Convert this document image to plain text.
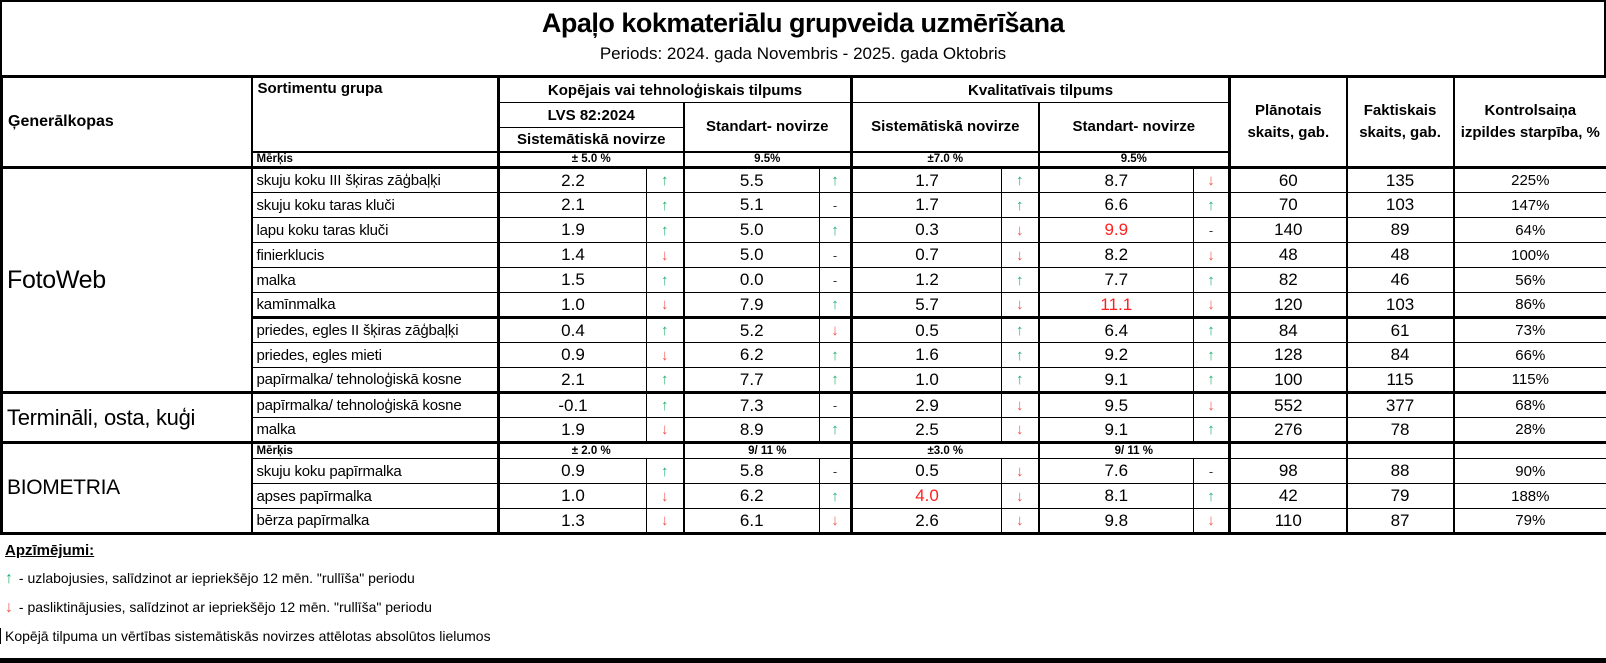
Apaļo kokmateriālu grupveida uzmērīšana
Periods: 2024. gada Novembris - 2025. gada Oktobris
Ģenerālkopas	Sortimentu grupa	Kopējais vai tehnoloģiskais tilpums				Kvalitatīvais tilpums				Plānotais skaits, gab.	Faktiskais skaits, gab.	Kontrolsaiņa izpildes starpība, %
		LVS 82:2024		Standart- novirze		Sistemātiskā novirze		Standart- novirze				
		Sistemātiskā novirze										
	Mērķis	± 5.0 %		9.5%		±7.0 %		9.5%				
FotoWeb	skuju koku III šķiras zāģbaļķi	2.2	↑	5.5	↑	1.7	↑	8.7	↓	60	135	225%
	skuju koku taras kluči	2.1	↑	5.1	-	1.7	↑	6.6	↑	70	103	147%
	lapu koku taras kluči	1.9	↑	5.0	↑	0.3	↓	9.9	-	140	89	64%
	finierklucis	1.4	↓	5.0	-	0.7	↓	8.2	↓	48	48	100%
	malka	1.5	↑	0.0	-	1.2	↑	7.7	↑	82	46	56%
	kamīnmalka	1.0	↓	7.9	↑	5.7	↓	11.1	↓	120	103	86%
	priedes, egles II šķiras zāģbaļķi	0.4	↑	5.2	↓	0.5	↑	6.4	↑	84	61	73%
	priedes, egles mieti	0.9	↓	6.2	↑	1.6	↑	9.2	↑	128	84	66%
	papīrmalka/ tehnoloģiskā kosne	2.1	↑	7.7	↑	1.0	↑	9.1	↑	100	115	115%
Termināli, osta, kuģi	papīrmalka/ tehnoloģiskā kosne	-0.1	↑	7.3	-	2.9	↓	9.5	↓	552	377	68%
	malka	1.9	↓	8.9	↑	2.5	↓	9.1	↑	276	78	28%
BIOMETRIA	Mērķis	± 2.0 %		9/ 11 %		±3.0 %		9/ 11 %				
	skuju koku papīrmalka	0.9	↑	5.8	-	0.5	↓	7.6	-	98	88	90%
	apses papīrmalka	1.0	↓	6.2	↑	4.0	↓	8.1	↑	42	79	188%
	bērza papīrmalka	1.3	↓	6.1	↓	2.6	↓	9.8	↓	110	87	79%
Apzīmējumi:
↑ - uzlabojusies, salīdzinot ar iepriekšējo 12 mēn. "rullīša" periodu
↓ - pasliktinājusies, salīdzinot ar iepriekšējo 12 mēn. "rullīša" periodu
Kopējā tilpuma un vērtības sistemātiskās novirzes attēlotas absolūtos lielumos
